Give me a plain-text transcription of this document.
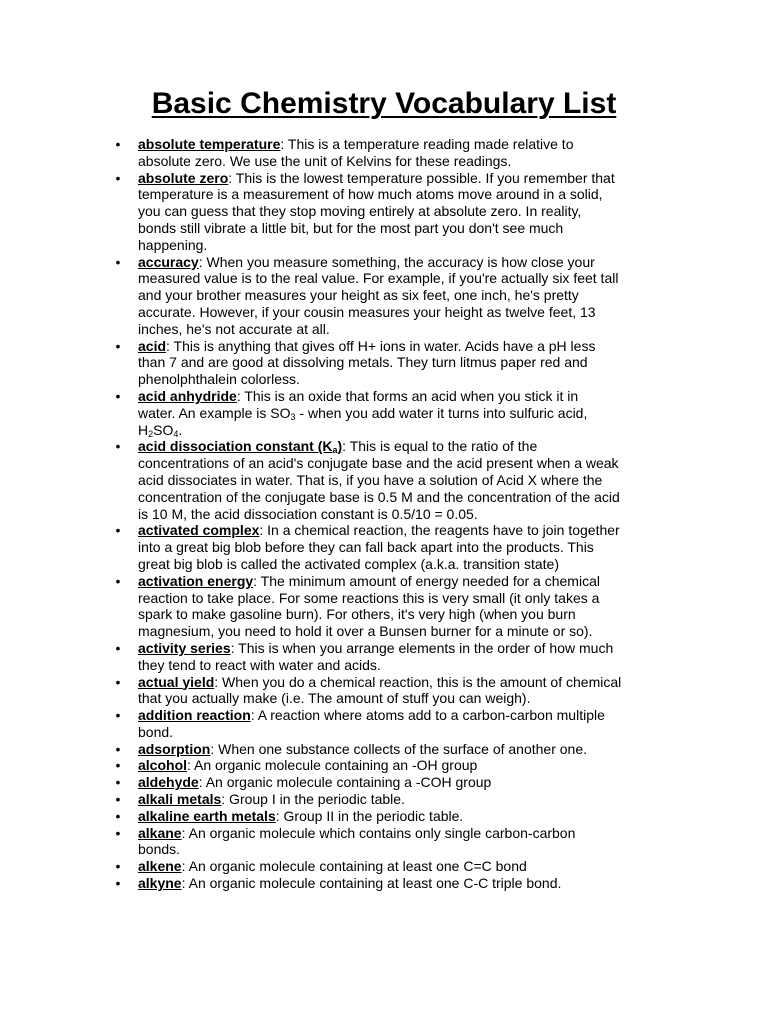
Basic Chemistry Vocabulary List
• absolute temperature: This is a temperature reading made relative to
absolute zero. We use the unit of Kelvins for these readings.
• absolute zero: This is the lowest temperature possible. If you remember that
temperature is a measurement of how much atoms move around in a solid,
you can guess that they stop moving entirely at absolute zero. In reality,
bonds still vibrate a little bit, but for the most part you don't see much
happening.
• accuracy: When you measure something, the accuracy is how close your
measured value is to the real value. For example, if you're actually six feet tall
and your brother measures your height as six feet, one inch, he's pretty
accurate. However, if your cousin measures your height as twelve feet, 13
inches, he's not accurate at all.
• acid: This is anything that gives off H+ ions in water. Acids have a pH less
than 7 and are good at dissolving metals. They turn litmus paper red and
phenolphthalein colorless.
• acid anhydride: This is an oxide that forms an acid when you stick it in
water. An example is $SO_3$ - when you add water it turns into sulfuric acid,
$H_2SO_4$.
• acid dissociation constant $(K_a)$: This is equal to the ratio of the
concentrations of an acid's conjugate base and the acid present when a weak
acid dissociates in water. That is, if you have a solution of Acid X where the
concentration of the conjugate base is 0.5 M and the concentration of the acid
is 10 M, the acid dissociation constant is 0.5/10 = 0.05.
• activated complex: In a chemical reaction, the reagents have to join together
into a great big blob before they can fall back apart into the products. This
great big blob is called the activated complex (a.k.a. transition state)
• activation energy: The minimum amount of energy needed for a chemical
reaction to take place. For some reactions this is very small (it only takes a
spark to make gasoline burn). For others, it's very high (when you burn
magnesium, you need to hold it over a Bunsen burner for a minute or so).
• activity series: This is when you arrange elements in the order of how much
they tend to react with water and acids.
• actual yield: When you do a chemical reaction, this is the amount of chemical
that you actually make (i.e. The amount of stuff you can weigh).
• addition reaction: A reaction where atoms add to a carbon-carbon multiple
bond.
• adsorption: When one substance collects of the surface of another one.
• alcohol: An organic molecule containing an -OH group
• aldehyde: An organic molecule containing a -COH group
• alkali metals: Group I in the periodic table.
• alkaline earth metals: Group II in the periodic table.
• alkane: An organic molecule which contains only single carbon-carbon
bonds.
• alkene: An organic molecule containing at least one C=C bond
• alkyne: An organic molecule containing at least one C-C triple bond.
